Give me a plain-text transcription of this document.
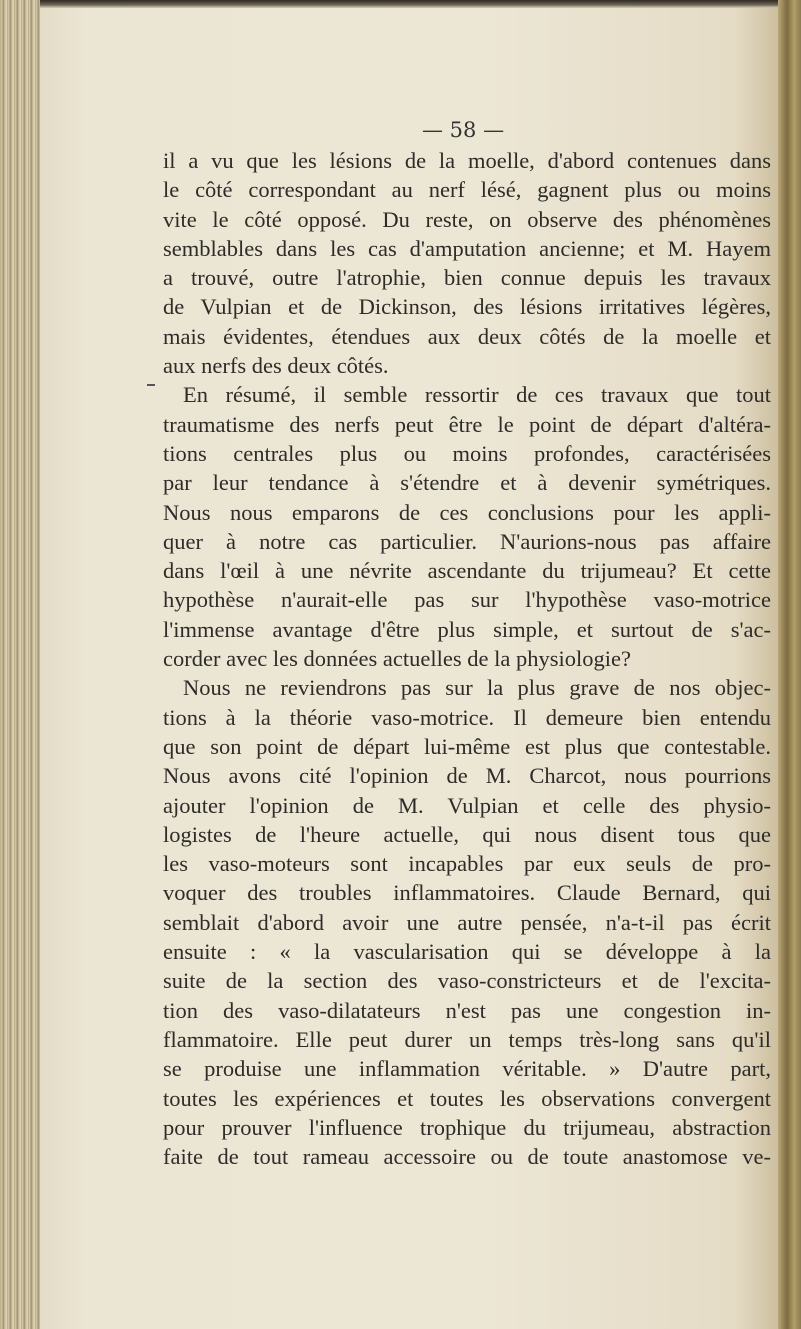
— 58 —
il a vu que les lésions de la moelle, d'abord contenues dans
le côté correspondant au nerf lésé, gagnent plus ou moins
vite le côté opposé. Du reste, on observe des phénomènes
semblables dans les cas d'amputation ancienne; et M. Hayem
a trouvé, outre l'atrophie, bien connue depuis les travaux
de Vulpian et de Dickinson, des lésions irritatives légères,
mais évidentes, étendues aux deux côtés de la moelle et
aux nerfs des deux côtés.
En résumé, il semble ressortir de ces travaux que tout
traumatisme des nerfs peut être le point de départ d'altéra-
tions centrales plus ou moins profondes, caractérisées
par leur tendance à s'étendre et à devenir symétriques.
Nous nous emparons de ces conclusions pour les appli-
quer à notre cas particulier. N'aurions-nous pas affaire
dans l'œil à une névrite ascendante du trijumeau? Et cette
hypothèse n'aurait-elle pas sur l'hypothèse vaso-motrice
l'immense avantage d'être plus simple, et surtout de s'ac-
corder avec les données actuelles de la physiologie?
Nous ne reviendrons pas sur la plus grave de nos objec-
tions à la théorie vaso-motrice. Il demeure bien entendu
que son point de départ lui-même est plus que contestable.
Nous avons cité l'opinion de M. Charcot, nous pourrions
ajouter l'opinion de M. Vulpian et celle des physio-
logistes de l'heure actuelle, qui nous disent tous que
les vaso-moteurs sont incapables par eux seuls de pro-
voquer des troubles inflammatoires. Claude Bernard, qui
semblait d'abord avoir une autre pensée, n'a-t-il pas écrit
ensuite : « la vascularisation qui se développe à la
suite de la section des vaso-constricteurs et de l'excita-
tion des vaso-dilatateurs n'est pas une congestion in-
flammatoire. Elle peut durer un temps très-long sans qu'il
se produise une inflammation véritable. » D'autre part,
toutes les expériences et toutes les observations convergent
pour prouver l'influence trophique du trijumeau, abstraction
faite de tout rameau accessoire ou de toute anastomose ve-
